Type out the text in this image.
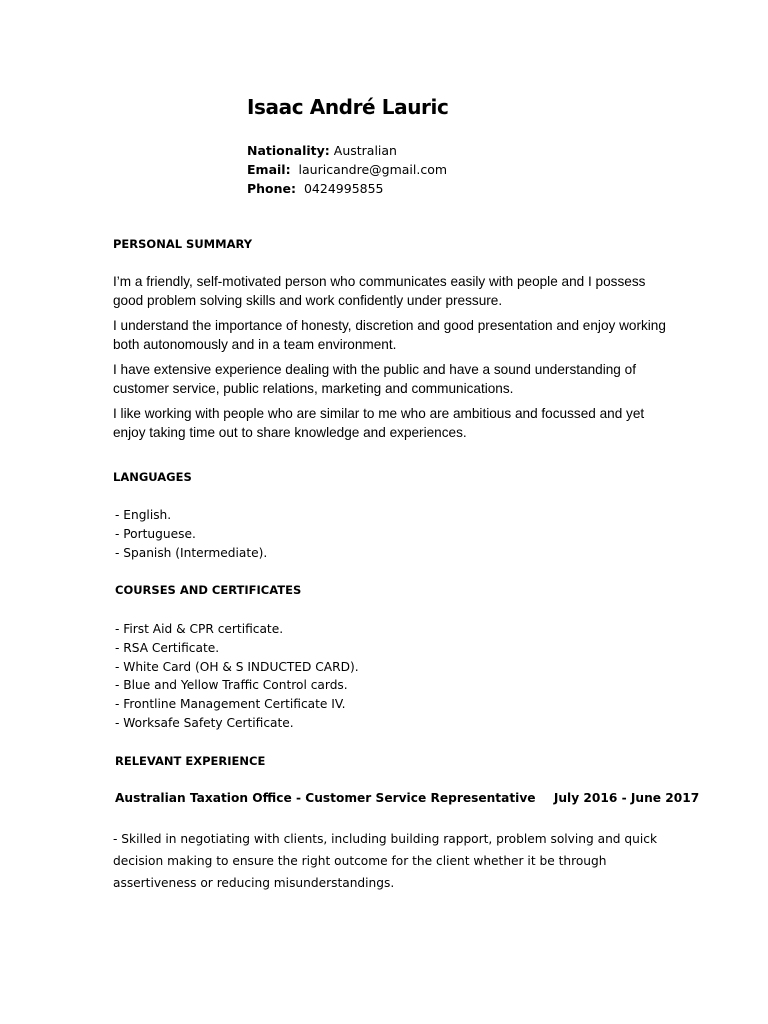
Isaac André Lauric
Nationality: Australian
Email: lauricandre@gmail.com
Phone: 0424995855
PERSONAL SUMMARY

I’m a friendly, self-motivated person who communicates easily with people and I possess good problem solving skills and work confidently under pressure.

I understand the importance of honesty, discretion and good presentation and enjoy working both autonomously and in a team environment.

I have extensive experience dealing with the public and have a sound understanding of customer service, public relations, marketing and communications.

I like working with people who are similar to me who are ambitious and focussed and yet enjoy taking time out to share knowledge and experiences.

LANGUAGES
- English.
- Portuguese.
- Spanish (Intermediate).
COURSES AND CERTIFICATES
- First Aid & CPR certificate.
- RSA Certificate.
- White Card (OH & S INDUCTED CARD).
- Blue and Yellow Traffic Control cards.
- Frontline Management Certificate IV.
- Worksafe Safety Certificate.
RELEVANT EXPERIENCE
Australian Taxation Office - Customer Service Representative July 2016 - June 2017

- Skilled in negotiating with clients, including building rapport, problem solving and quick decision making to ensure the right outcome for the client whether it be through assertiveness or reducing misunderstandings.
